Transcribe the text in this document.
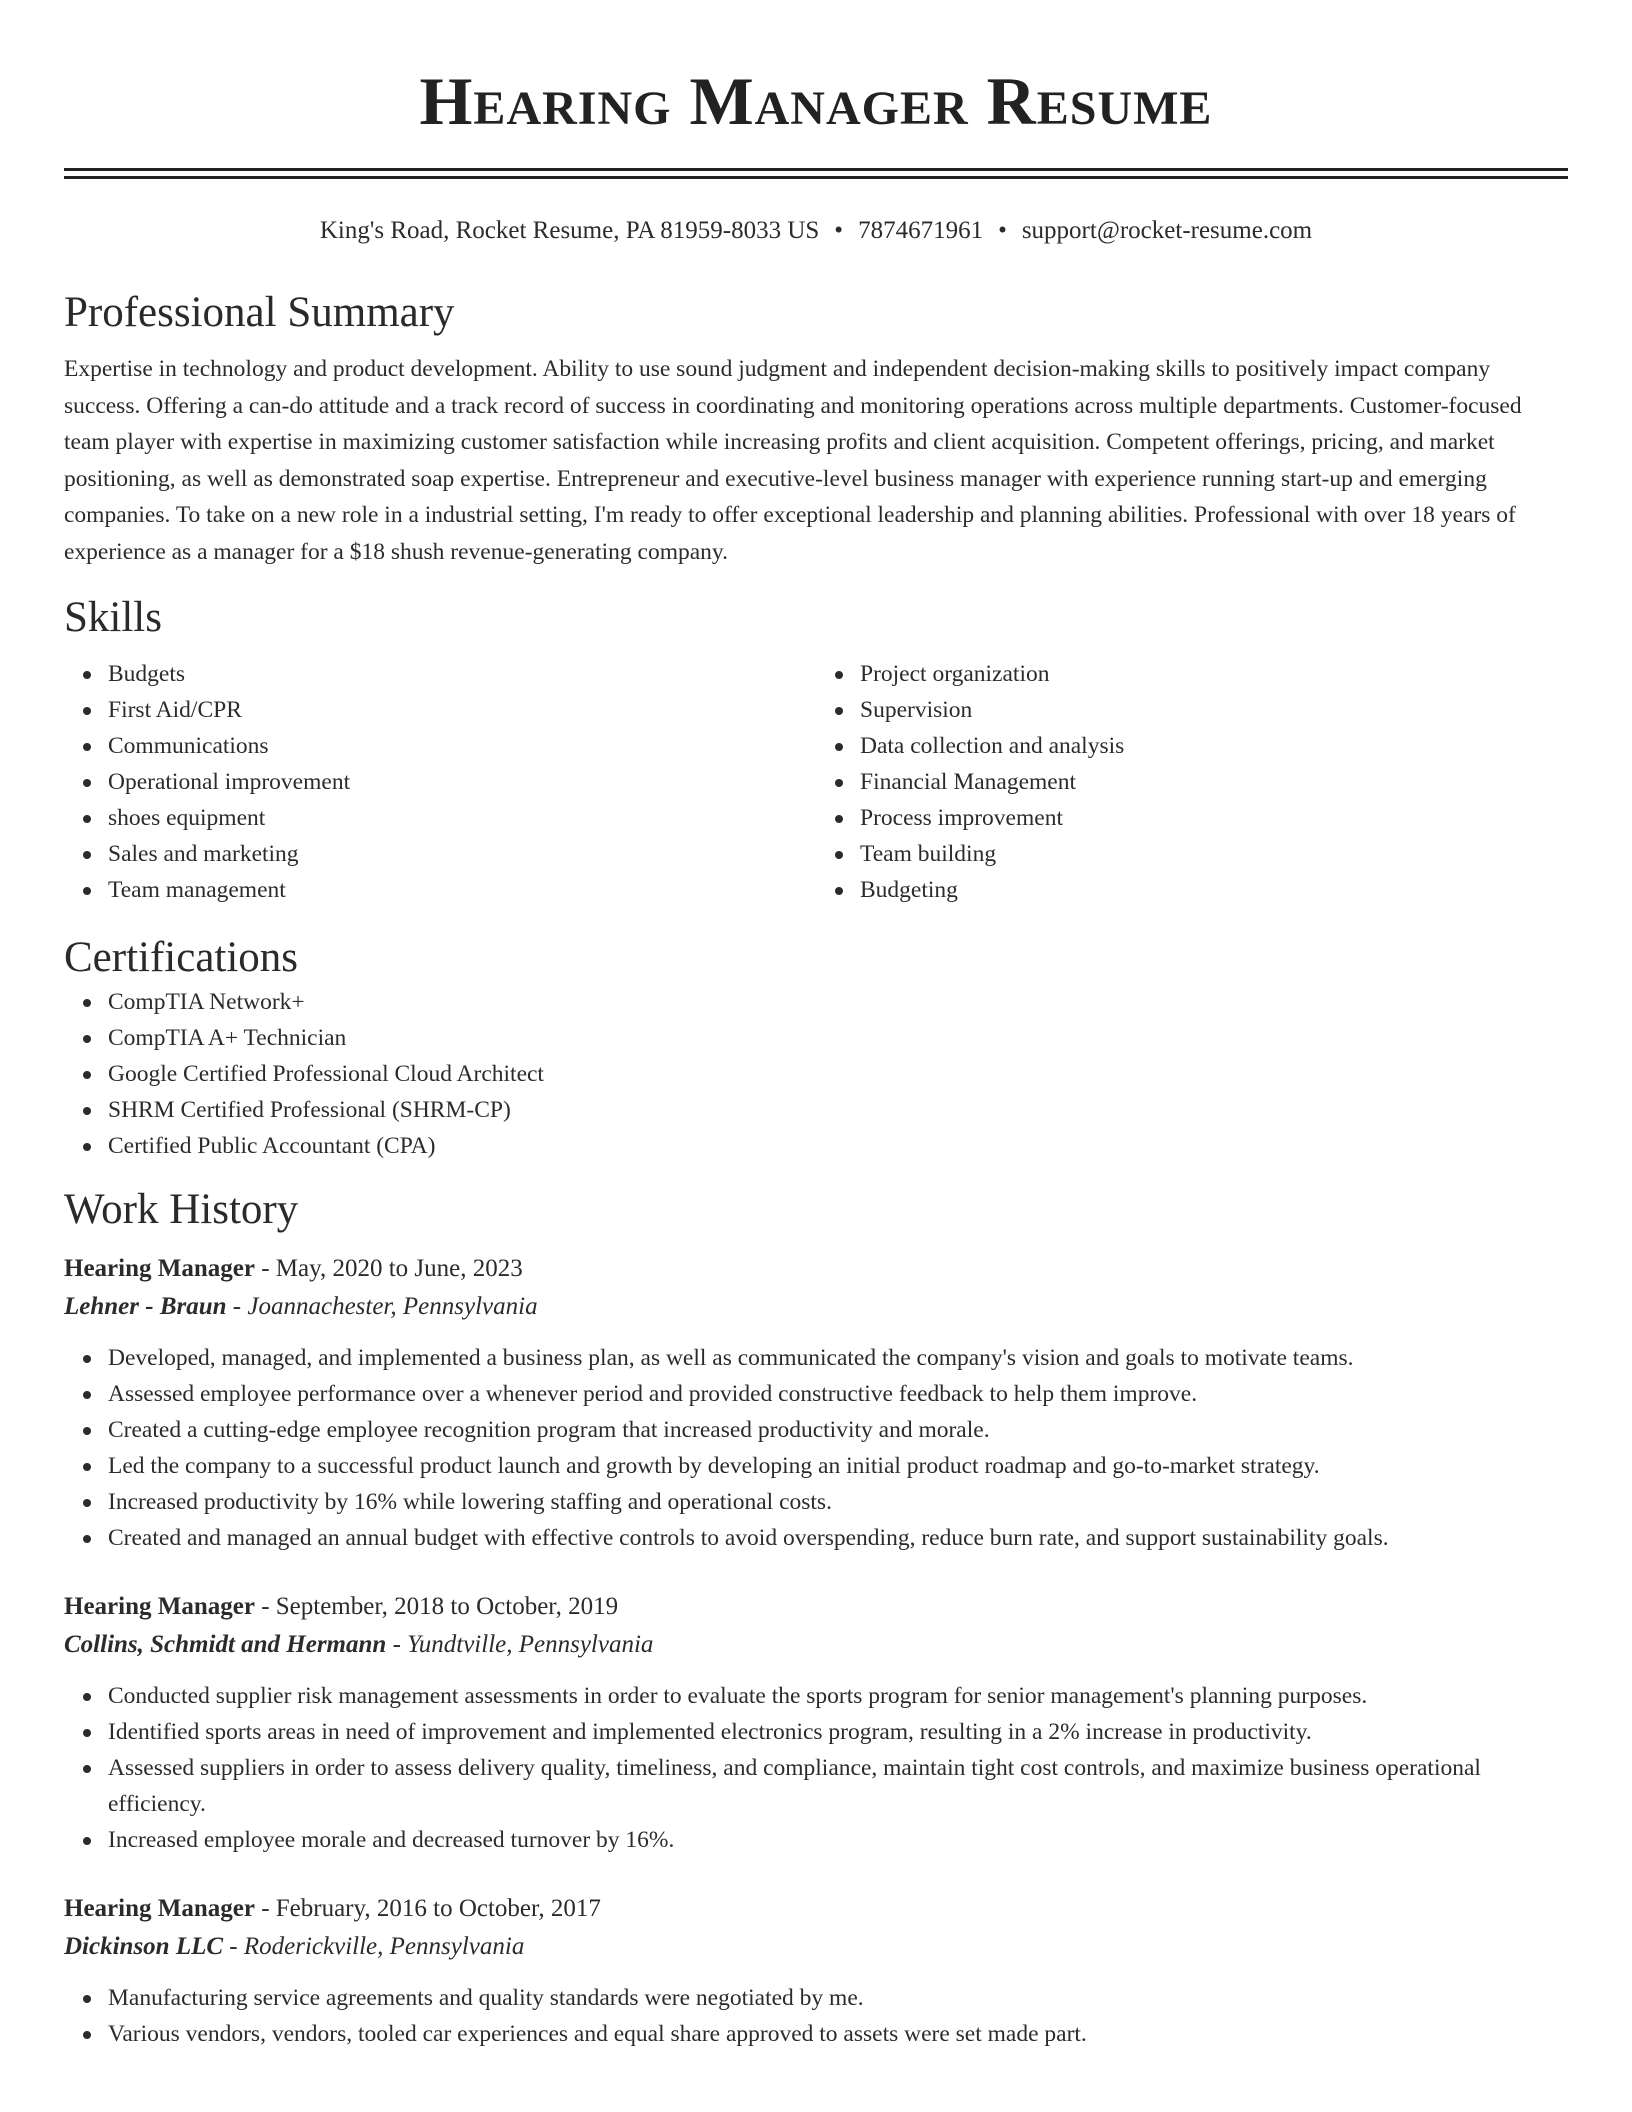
Hearing Manager Resume
King's Road, Rocket Resume, PA 81959-8033 US • 7874671961 • support@rocket-resume.com
Professional Summary
Expertise in technology and product development. Ability to use sound judgment and independent decision-making skills to positively impact company success. Offering a can-do attitude and a track record of success in coordinating and monitoring operations across multiple departments. Customer-focused team player with expertise in maximizing customer satisfaction while increasing profits and client acquisition. Competent offerings, pricing, and market positioning, as well as demonstrated soap expertise. Entrepreneur and executive-level business manager with experience running start-up and emerging companies. To take on a new role in a industrial setting, I'm ready to offer exceptional leadership and planning abilities. Professional with over 18 years of experience as a manager for a $18 shush revenue-generating company.
Skills
Budgets
First Aid/CPR
Communications
Operational improvement
shoes equipment
Sales and marketing
Team management
Project organization
Supervision
Data collection and analysis
Financial Management
Process improvement
Team building
Budgeting
Certifications
CompTIA Network+
CompTIA A+ Technician
Google Certified Professional Cloud Architect
SHRM Certified Professional (SHRM-CP)
Certified Public Accountant (CPA)
Work History
Hearing Manager - May, 2020 to June, 2023
Lehner - Braun - Joannachester, Pennsylvania
Developed, managed, and implemented a business plan, as well as communicated the company's vision and goals to motivate teams.
Assessed employee performance over a whenever period and provided constructive feedback to help them improve.
Created a cutting-edge employee recognition program that increased productivity and morale.
Led the company to a successful product launch and growth by developing an initial product roadmap and go-to-market strategy.
Increased productivity by 16% while lowering staffing and operational costs.
Created and managed an annual budget with effective controls to avoid overspending, reduce burn rate, and support sustainability goals.
Hearing Manager - September, 2018 to October, 2019
Collins, Schmidt and Hermann - Yundtville, Pennsylvania
Conducted supplier risk management assessments in order to evaluate the sports program for senior management's planning purposes.
Identified sports areas in need of improvement and implemented electronics program, resulting in a 2% increase in productivity.
Assessed suppliers in order to assess delivery quality, timeliness, and compliance, maintain tight cost controls, and maximize business operational efficiency.
Increased employee morale and decreased turnover by 16%.
Hearing Manager - February, 2016 to October, 2017
Dickinson LLC - Roderickville, Pennsylvania
Manufacturing service agreements and quality standards were negotiated by me.
Various vendors, vendors, tooled car experiences and equal share approved to assets were set made part.
